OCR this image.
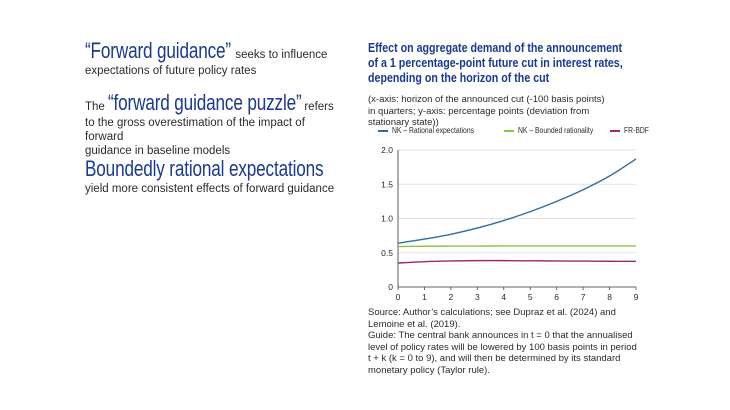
“Forward guidance” seeks to influence
expectations of future policy rates
The “forward guidance puzzle” refers
to the gross overestimation of the impact of forward
guidance in baseline models
Boundedly rational expectations
yield more consistent effects of forward guidance
Effect on aggregate demand of the announcement
of a 1 percentage-point future cut in interest rates,
depending on the horizon of the cut
(x-axis: horizon of the announced cut (-100 basis points)
in quarters; y-axis: percentage points (deviation from
stationary state))
NK – Rational expectations	NK – Bounded rationality	FR-BDF
0
0.5
1.0
1.5
2.0
0	1	2	3	4	5	6	7	8	9
Source: Author’s calculations; see Dupraz et al. (2024) and
Lemoine et al. (2019).
Guide: The central bank announces in t = 0 that the annualised
level of policy rates will be lowered by 100 basis points in period
t + k (k = 0 to 9), and will then be determined by its standard
monetary policy (Taylor rule).
